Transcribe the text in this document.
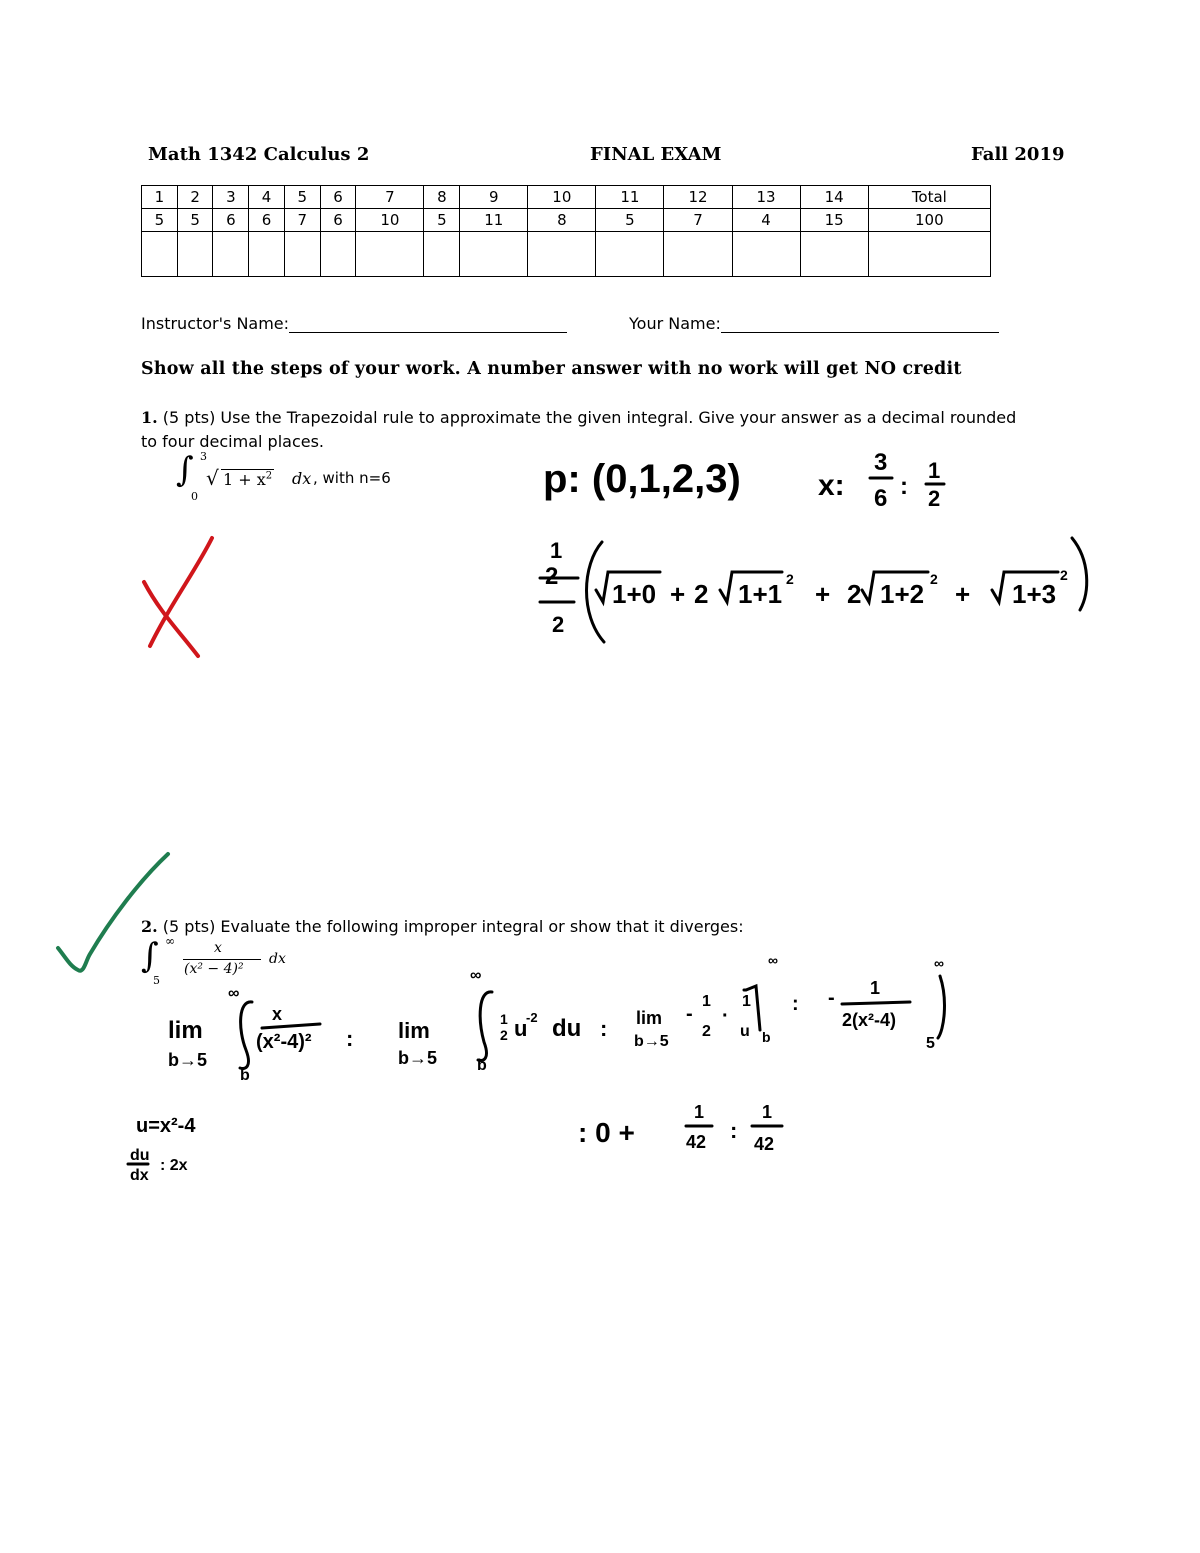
Math 1342 Calculus 2	FINAL EXAM	Fall 2019
1	2	3	4	5	6	7	8	9	10	11	12	13	14	Total
5	5	6	6	7	6	10	5	11	8	5	7	4	15	100

Instructor's Name:	Your Name:
Show all the steps of your work. A number answer with no work will get NO credit
1. (5 pts) Use the Trapezoidal rule to approximate the given integral. Give your answer as a decimal rounded
to four decimal places.
∫ 3
0
√ $1 + x^2$ dx , with n=6
2. (5 pts) Evaluate the following improper integral or show that it diverges:
∫ ∞
5
x
(x² − 4)²
dx
p: (0,1,2,3)	x:
3
6 :
1
2
1
2
2
1+0 + 2 1+1 2 + 2 1+2 2 + 1+3
2
lim
b→5
∞
b
x
(x²-4)² : lim
b→5
∞
b
1
2 u
-2 du : lim
b→5
-
1
2
·
1
u
∞
b
: - 1
2(x²-4)
∞
5
u=x²-4
du
dx
: 2x
: 0 +
1
42 :
1
42
